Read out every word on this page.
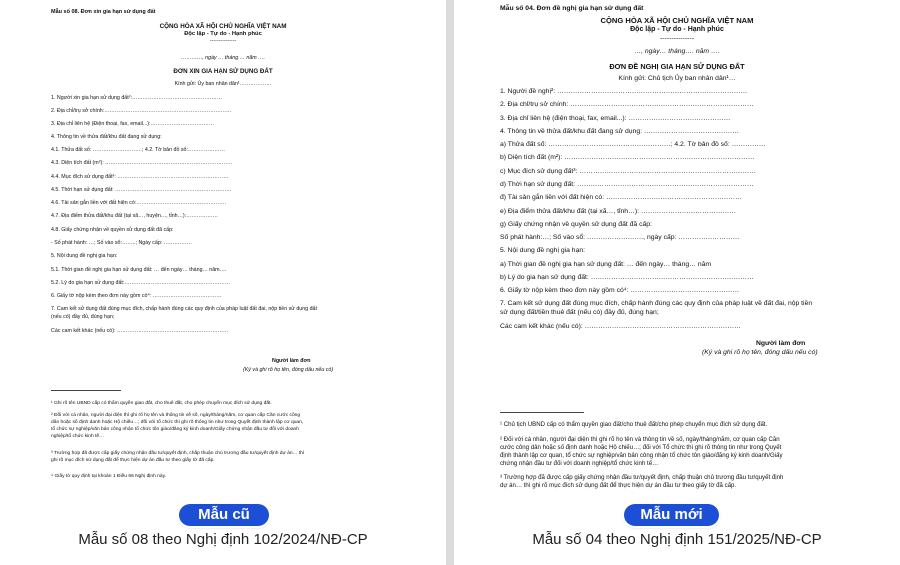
Mẫu số 08. Đơn xin gia hạn sử dụng đất
CỘNG HÒA XÃ HỘI CHỦ NGHĨA VIỆT NAM
Độc lập - Tự do - Hạnh phúc
---------------
…………, ngày … tháng … năm ….
ĐƠN XIN GIA HẠN SỬ DỤNG ĐẤT
Kính gửi: Ủy ban nhân dân¹………………
1. Người xin gia hạn sử dụng đất²:……………………………………………
2. Địa chỉ/trụ sở chính:………………………………………………………………
3. Địa chỉ liên hệ (Điện thoại, fax, email...):………………………………
4. Thông tin về thửa đất/khu đất đang sử dụng:
4.1. Thửa đất số: ……………………….; 4.2. Tờ bản đồ số:…………………
4.3. Diện tích đất (m²): ………………………………………………………………
4.4. Mục đích sử dụng đất³: ………………………………………………………
4.5. Thời hạn sử dụng đất: …………………………………………………………
4.6. Tài sản gắn liền với đất hiện có:……………………………………………
4.7. Địa điểm thửa đất/khu đất (tại xã…, huyện…, tỉnh…):………………
4.8. Giấy chứng nhận về quyền sử dụng đất đã cấp:
- Số phát hành: …; Số vào sổ:……..; Ngày cấp: …………….
5. Nội dung đề nghị gia hạn:
5.1. Thời gian đề nghị gia hạn sử dụng đất: … đến ngày… tháng… năm….
5.2. Lý do gia hạn sử dụng đất:……………………………………………………
6. Giấy tờ nộp kèm theo đơn này gồm có⁴: …………………………………
7. Cam kết sử dụng đất đúng mục đích, chấp hành đúng các quy định của pháp luật đất đai, nộp tiền sử dụng đất
(nếu có) đầy đủ, đúng hạn;
Các cam kết khác (nếu có): ………………………………………………………
Người làm đơn
(Ký và ghi rõ họ tên, đóng dấu nếu có)
¹ Ghi rõ tên UBND cấp có thẩm quyền giao đất, cho thuê đất, cho phép chuyển mục đích sử dụng đất.
² Đối với cá nhân, người đại diện thì ghi rõ họ tên và thông tin về số, ngày/tháng/năm, cơ quan cấp Căn cước công
dân hoặc số định danh hoặc Hộ chiếu…; đối với tổ chức thì ghi rõ thông tin như trong Quyết định thành lập cơ quan,
tổ chức sự nghiệp/văn bản công nhận tổ chức tôn giáo/đăng ký kinh doanh/Giấy chứng nhận đầu tư đối với doanh
nghiệp/tổ chức kinh tế…
³ Trường hợp đã được cấp giấy chứng nhận đầu tư/quyết định, chấp thuận chủ trương đầu tư/quyết định dự án… thì
ghi rõ mục đích sử dụng đất để thực hiện dự án đầu tư theo giấy tờ đã cấp.
⁴ Giấy tờ quy định tại khoản 1 Điều 66 Nghị định này.
Mẫu cũ
Mẫu số 08 theo Nghị định 102/2024/NĐ-CP
Mẫu số 04. Đơn đề nghị gia hạn sử dụng đất
CỘNG HÒA XÃ HỘI CHỦ NGHĨA VIỆT NAM
Độc lập - Tự do - Hạnh phúc
---------------
…, ngày… tháng…. năm ….
ĐƠN ĐỀ NGHỊ GIA HẠN SỬ DỤNG ĐẤT
Kính gửi: Chủ tịch Ủy ban nhân dân¹…
1. Người đề nghị²: …………………………………………………………………………
2. Địa chỉ/trụ sở chính: ………………………………………………………………………
3. Địa chỉ liên hệ (điện thoại, fax, email...): ………………………………………
4. Thông tin về thửa đất/khu đất đang sử dụng: ……………………………………
a) Thửa đất số: ………………………………………………; 4.2. Tờ bản đồ số: ……………
b) Diện tích đất (m²): …………………………………………………………………………
c) Mục đích sử dụng đất³: ……………………………………………………………………
d) Thời hạn sử dụng đất: ……………………………………………………………………
đ) Tài sản gắn liền với đất hiện có: ……………………………………………………
e) Địa điểm thửa đất/khu đất (tại xã…, tỉnh…): ……………………………………
g) Giấy chứng nhận về quyền sử dụng đất đã cấp:
Số phát hành:…; Số vào sổ: ……………………., ngày cấp: ………………………
5. Nội dung đề nghị gia hạn:
a) Thời gian đề nghị gia hạn sử dụng đất: … đến ngày… tháng… năm
b) Lý do gia hạn sử dụng đất: ………………………………………………………………
6. Giấy tờ nộp kèm theo đơn này gồm có⁴: …………………………………………
7. Cam kết sử dụng đất đúng mục đích, chấp hành đúng các quy định của pháp luật về đất đai, nộp tiền
sử dụng đất/tiền thuê đất (nếu có) đầy đủ, đúng hạn;
Các cam kết khác (nếu có): ……………………………………………………………
Người làm đơn
(Ký và ghi rõ họ tên, đóng dấu nếu có)
¹ Chủ tịch UBND cấp có thẩm quyền giao đất/cho thuê đất/cho phép chuyển mục đích sử dụng đất.
² Đối với cá nhân, người đại diện thì ghi rõ họ tên và thông tin về số, ngày/tháng/năm, cơ quan cấp Căn
cước công dân hoặc số định danh hoặc Hộ chiếu…; đối với Tổ chức thì ghi rõ thông tin như trong Quyết
định thành lập cơ quan, tổ chức sự nghiệp/văn bản công nhận tổ chức tôn giáo/đăng ký kinh doanh/Giấy
chứng nhận đầu tư đối với doanh nghiệp/tổ chức kinh tế…
³ Trường hợp đã được cấp giấy chứng nhận đầu tư/quyết định, chấp thuận chủ trương đầu tư/quyết định
dự án… thì ghi rõ mục đích sử dụng đất để thực hiện dự án đầu tư theo giấy tờ đã cấp.
Mẫu mới
Mẫu số 04 theo Nghị định 151/2025/NĐ-CP
